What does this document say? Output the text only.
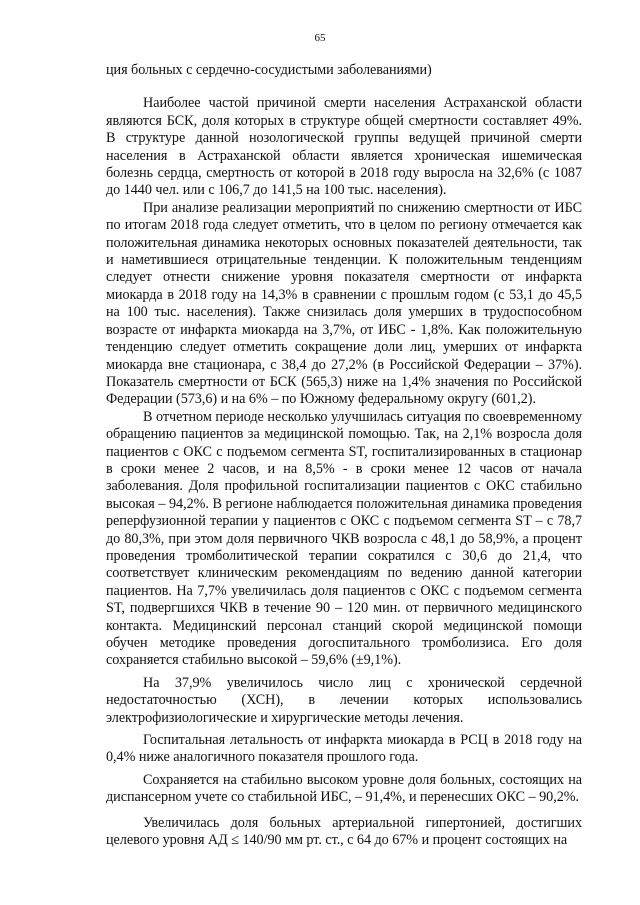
65

ция больных с сердечно-сосудистыми заболеваниями)

Наиболее частой причиной смерти населения Астраханской области являются БСК, доля которых в структуре общей смертности составляет 49%. В структуре данной нозологической группы ведущей причиной смерти населения в Астраханской области является хроническая ишемическая болезнь сердца, смертность от которой в 2018 году выросла на 32,6% (с 1087 до 1440 чел. или с 106,7 до 141,5 на 100 тыс. населения).

При анализе реализации мероприятий по снижению смертности от ИБС по итогам 2018 года следует отметить, что в целом по региону отмечается как положительная динамика некоторых основных показателей деятельности, так и наметившиеся отрицательные тенденции. К положительным тенденциям следует отнести снижение уровня показателя смертности от инфаркта миокарда в 2018 году на 14,3% в сравнении с прошлым годом (с 53,1 до 45,5 на 100 тыс. населения). Также снизилась доля умерших в трудоспособном возрасте от инфаркта миокарда на 3,7%, от ИБС - 1,8%. Как положительную тенденцию следует отметить сокращение доли лиц, умерших от инфаркта миокарда вне стационара, с 38,4 до 27,2% (в Российской Федерации – 37%). Показатель смертности от БСК (565,3) ниже на 1,4% значения по Российской Федерации (573,6) и на 6% – по Южному федеральному округу (601,2).

В отчетном периоде несколько улучшилась ситуация по своевременному обращению пациентов за медицинской помощью. Так, на 2,1% возросла доля пациентов с ОКС с подъемом сегмента ST, госпитализированных в стационар в сроки менее 2 часов, и на 8,5% - в сроки менее 12 часов от начала заболевания. Доля профильной госпитализации пациентов с ОКС стабильно высокая – 94,2%. В регионе наблюдается положительная динамика проведения реперфузионной терапии у пациентов с ОКС с подъемом сегмента ST – с 78,7 до 80,3%, при этом доля первичного ЧКВ возросла с 48,1 до 58,9%, а процент проведения тромболитической терапии сократился с 30,6 до 21,4, что соответствует клиническим рекомендациям по ведению данной категории пациентов. На 7,7% увеличилась доля пациентов с ОКС с подъемом сегмента ST, подвергшихся ЧКВ в течение 90 – 120 мин. от первичного медицинского контакта. Медицинский персонал станций скорой медицинской помощи обучен методике проведения догоспитального тромболизиса. Его доля сохраняется стабильно высокой – 59,6% (±9,1%).

На 37,9% увеличилось число лиц с хронической сердечной недостаточностью (ХСН), в лечении которых использовались электрофизиологические и хирургические методы лечения.

Госпитальная летальность от инфаркта миокарда в РСЦ в 2018 году на 0,4% ниже аналогичного показателя прошлого года.

Сохраняется на стабильно высоком уровне доля больных, состоящих на диспансерном учете со стабильной ИБС, – 91,4%, и перенесших ОКС – 90,2%.

Увеличилась доля больных артериальной гипертонией, достигших целевого уровня АД ≤ 140/90 мм рт. ст., с 64 до 67% и процент состоящих на
